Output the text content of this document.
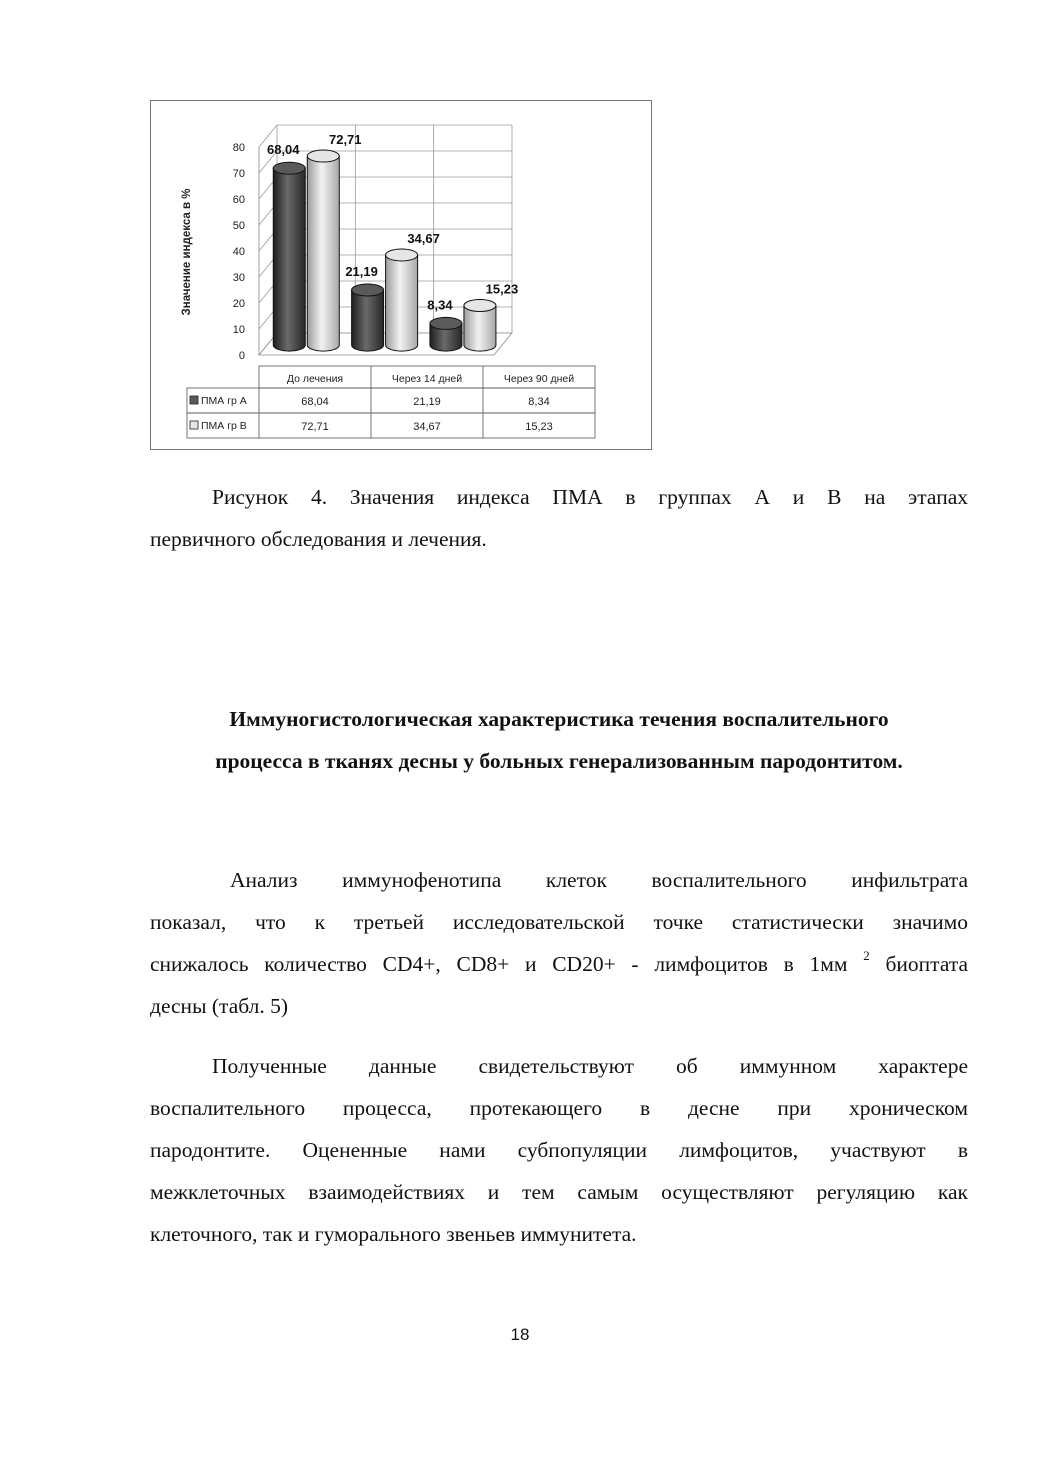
0
10
20
30
40
50
60
70
80 68,04
72,71
21,19
34,67
8,34
15,23
До лечения	Через 14 дней	Через 90 дней
ПМА гр А	68,04	21,19	8,34
ПМА гр В	72,71	34,67	15,23
Значение индекса в %
Рисунок 4. Значения индекса ПМА в группах А и В на этапах
первичного обследования и лечения.
Иммуногистологическая характеристика течения воспалительного
процесса в тканях десны у больных генерализованным пародонтитом.
Анализ иммунофенотипа клеток воспалительного инфильтрата
показал, что к третьей исследовательской точке статистически значимо
снижалось количество CD4+, CD8+ и CD20+ - лимфоцитов в 1мм $^2$ биоптата
десны (табл. 5)
Полученные данные свидетельствуют об иммунном характере
воспалительного процесса, протекающего в десне при хроническом
пародонтите. Оцененные нами субпопуляции лимфоцитов, участвуют в
межклеточных взаимодействиях и тем самым осуществляют регуляцию как
клеточного, так и гуморального звеньев иммунитета.
18
